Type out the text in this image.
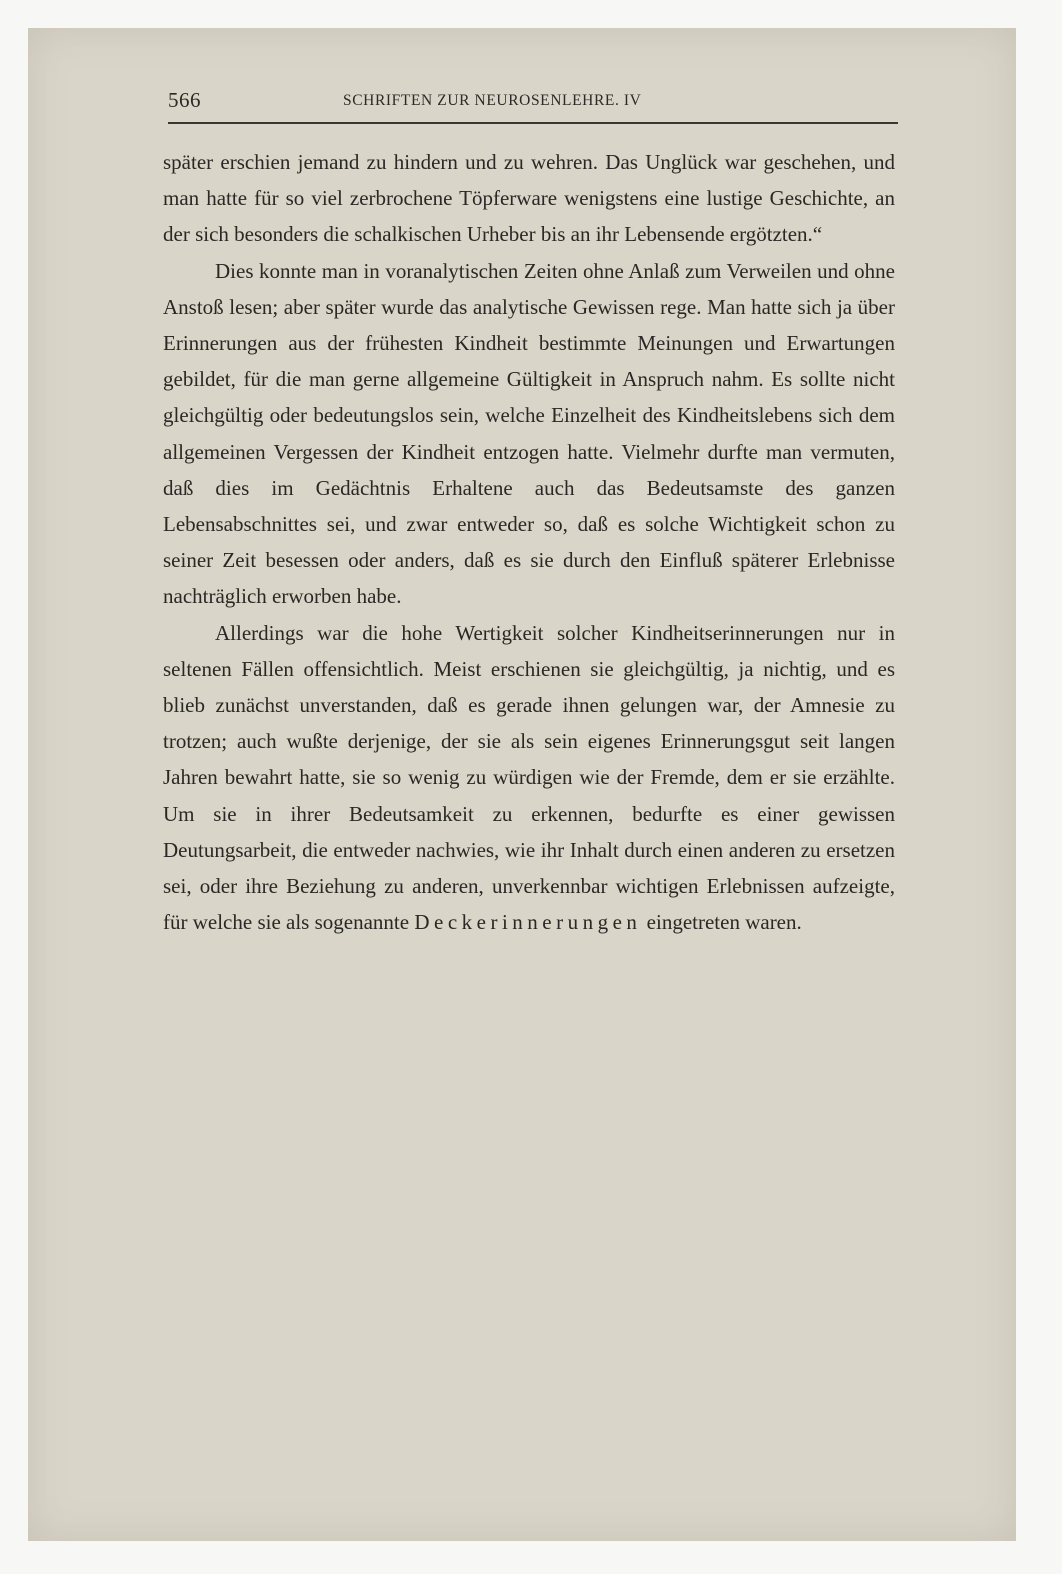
566	SCHRIFTEN ZUR NEUROSENLEHRE. IV

später erschien jemand zu hindern und zu wehren. Das Unglück war geschehen, und man hatte für so viel zerbrochene Töpferware wenigstens eine lustige Geschichte, an der sich besonders die schalkischen Urheber bis an ihr Lebensende ergötzten.“

Dies konnte man in voranalytischen Zeiten ohne Anlaß zum Verweilen und ohne Anstoß lesen; aber später wurde das analytische Gewissen rege. Man hatte sich ja über Erinnerungen aus der frühesten Kindheit bestimmte Meinungen und Erwartungen gebildet, für die man gerne allgemeine Gültigkeit in Anspruch nahm. Es sollte nicht gleichgültig oder bedeutungslos sein, welche Einzelheit des Kindheitslebens sich dem allgemeinen Vergessen der Kindheit entzogen hatte. Vielmehr durfte man vermuten, daß dies im Gedächtnis Erhaltene auch das Bedeutsamste des ganzen Lebensabschnittes sei, und zwar entweder so, daß es solche Wichtigkeit schon zu seiner Zeit besessen oder anders, daß es sie durch den Einfluß späterer Erlebnisse nachträglich erworben habe.

Allerdings war die hohe Wertigkeit solcher Kindheitserinnerungen nur in seltenen Fällen offensichtlich. Meist erschienen sie gleichgültig, ja nichtig, und es blieb zunächst unverstanden, daß es gerade ihnen gelungen war, der Amnesie zu trotzen; auch wußte derjenige, der sie als sein eigenes Erinnerungsgut seit langen Jahren bewahrt hatte, sie so wenig zu würdigen wie der Fremde, dem er sie erzählte. Um sie in ihrer Bedeutsamkeit zu erkennen, bedurfte es einer gewissen Deutungsarbeit, die entweder nachwies, wie ihr Inhalt durch einen anderen zu ersetzen sei, oder ihre Beziehung zu anderen, unverkennbar wichtigen Erlebnissen aufzeigte, für welche sie als sogenannte Deckerinnerungen eingetreten waren.
